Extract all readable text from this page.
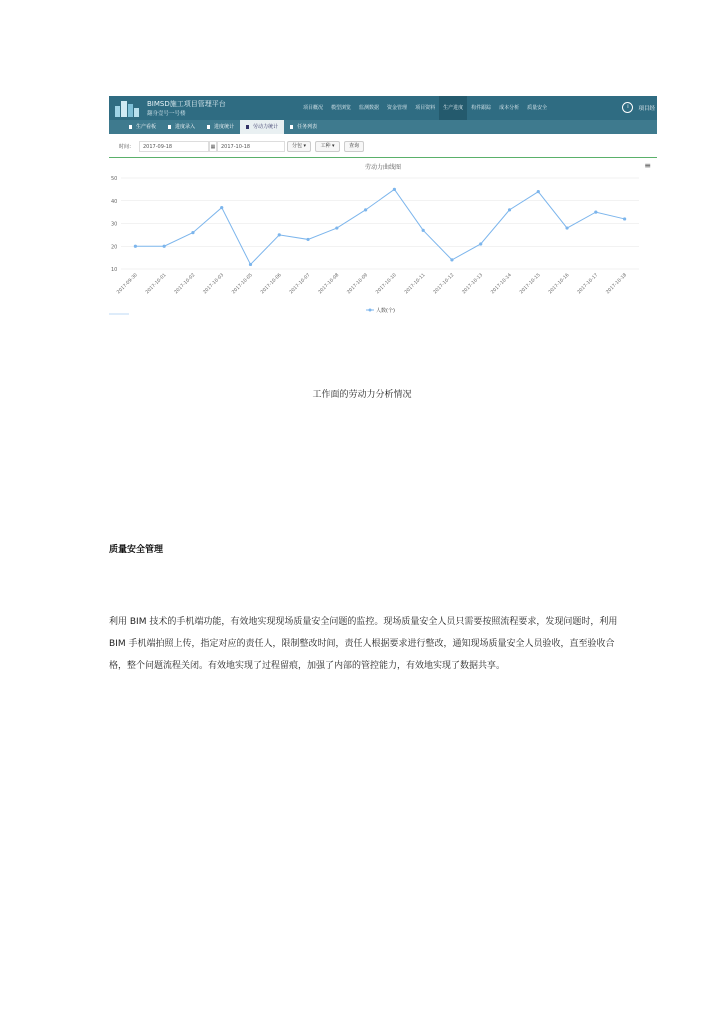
BIMSD施工项目管理平台
翻身壹号一号楼
项目概况	模型浏览	监测数据	资金管理	项目资料	生产进度	构件跟踪	成本分析	质量安全	i	项目经
生产看板	进度录入	进度统计	劳动力统计	任务列表
时间：	2017-09-18	▦	2017-10-18	分包 ▾	工种 ▾	查询
劳动力曲线图	≡
10
20
30
40
50
2017-09-30 2017-10-01 2017-10-02 2017-10-03 2017-10-05 2017-10-06 2017-10-07 2017-10-08 2017-10-09 2017-10-10 2017-10-11 2017-10-12 2017-10-13 2017-10-14 2017-10-15 2017-10-16 2017-10-17 2017-10-18
人数(个)
工作面的劳动力分析情况
质量安全管理

利用 BIM 技术的手机端功能，有效地实现现场质量安全问题的监控。现场质量安全人员只需要按照流程要求，发现问题时，利用 BIM 手机端拍照上传，指定对应的责任人，限制整改时间，责任人根据要求进行整改，通知现场质量安全人员验收，直至验收合格，整个问题流程关闭。有效地实现了过程留痕，加强了内部的管控能力，有效地实现了数据共享。
